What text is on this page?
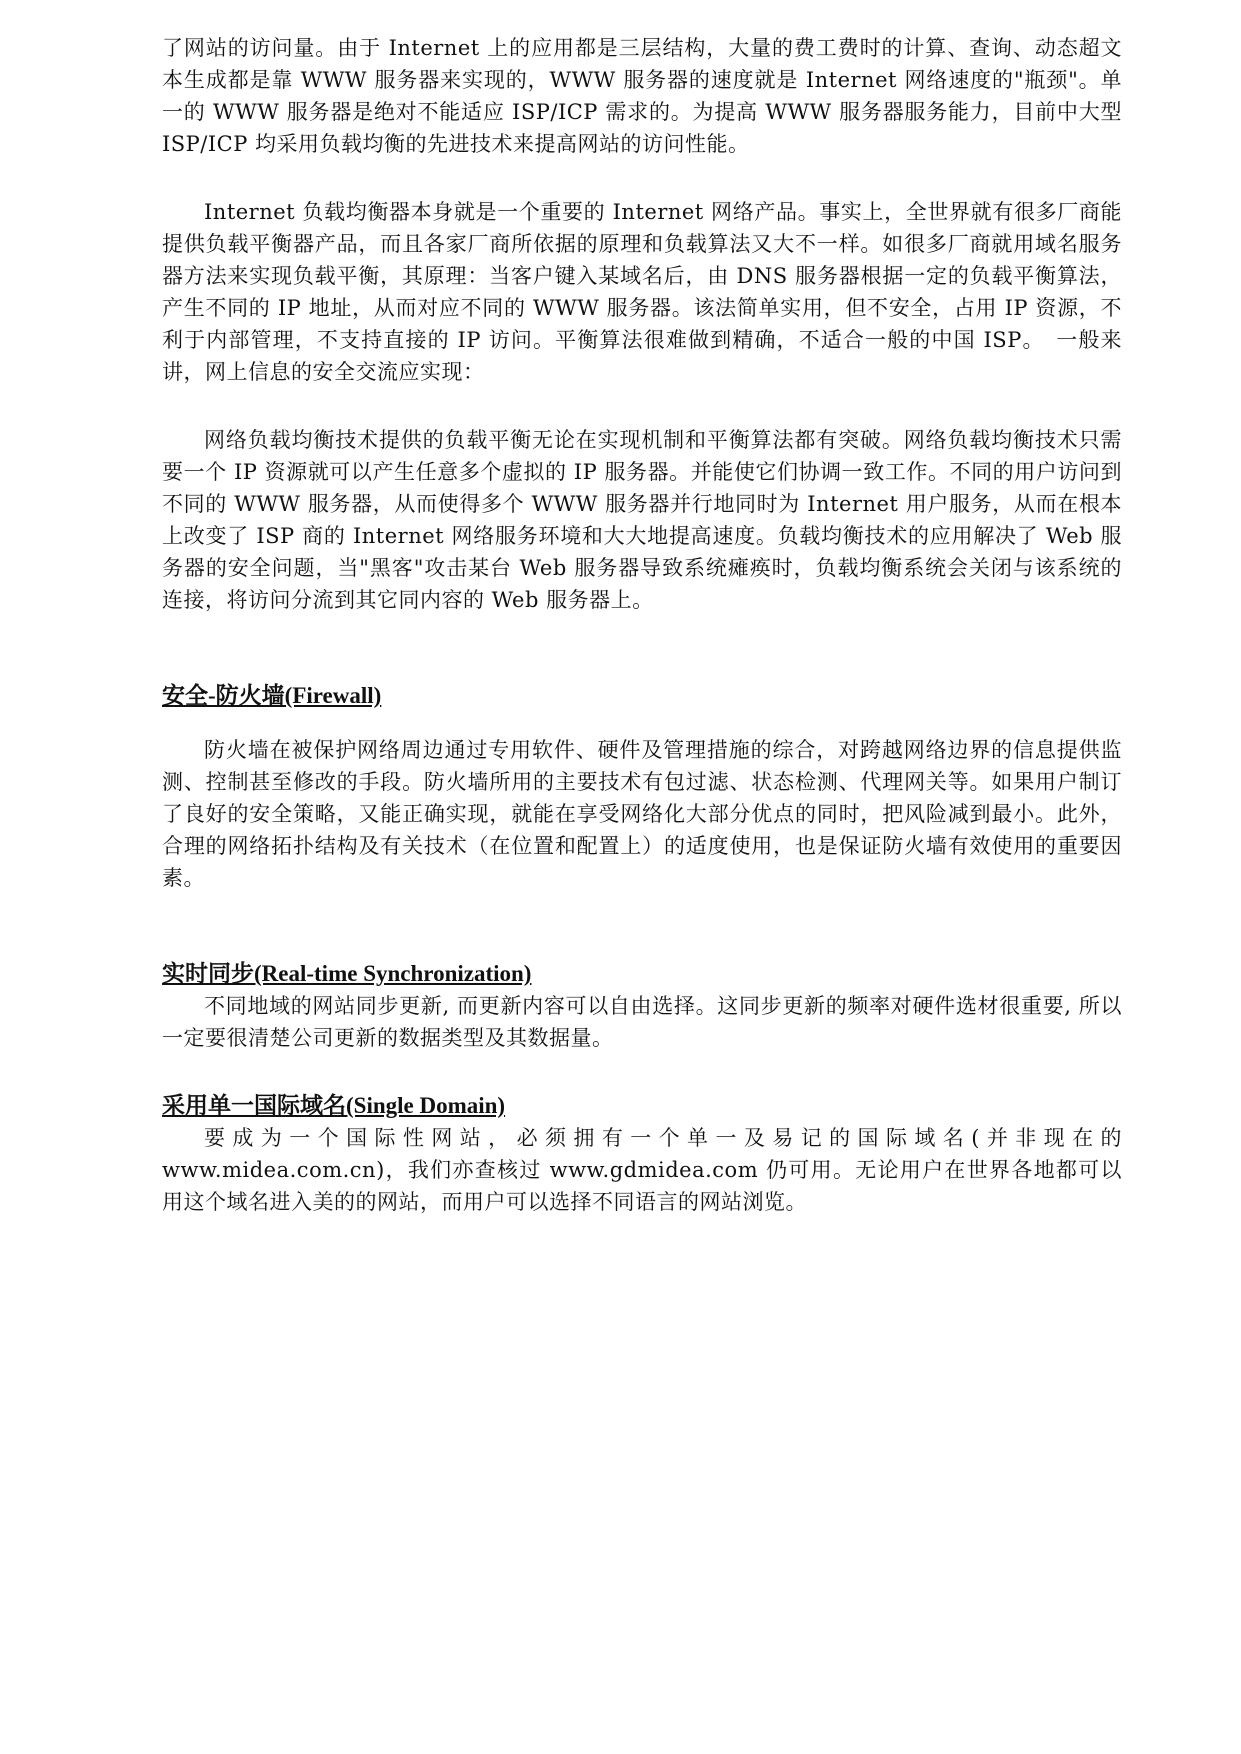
了网站的访问量。由于 Internet 上的应用都是三层结构，大量的费工费时的计算、查询、动态超文本生成都是靠 WWW 服务器来实现的，WWW 服务器的速度就是 Internet 网络速度的"瓶颈"。单一的 WWW 服务器是绝对不能适应 ISP/ICP 需求的。为提高 WWW 服务器服务能力，目前中大型 ISP/ICP 均采用负载均衡的先进技术来提高网站的访问性能。

Internet 负载均衡器本身就是一个重要的 Internet 网络产品。事实上，全世界就有很多厂商能提供负载平衡器产品，而且各家厂商所依据的原理和负载算法又大不一样。如很多厂商就用域名服务器方法来实现负载平衡，其原理：当客户键入某域名后，由 DNS 服务器根据一定的负载平衡算法，产生不同的 IP 地址，从而对应不同的 WWW 服务器。该法简单实用，但不安全，占用 IP 资源，不利于内部管理，不支持直接的 IP 访问。平衡算法很难做到精确，不适合一般的中国 ISP。　一般来讲，网上信息的安全交流应实现：

网络负载均衡技术提供的负载平衡无论在实现机制和平衡算法都有突破。网络负载均衡技术只需要一个 IP 资源就可以产生任意多个虚拟的 IP 服务器。并能使它们协调一致工作。不同的用户访问到不同的 WWW 服务器，从而使得多个 WWW 服务器并行地同时为 Internet 用户服务，从而在根本上改变了 ISP 商的 Internet 网络服务环境和大大地提高速度。负载均衡技术的应用解决了 Web 服务器的安全问题，当"黑客"攻击某台 Web 服务器导致系统瘫痪时，负载均衡系统会关闭与该系统的连接，将访问分流到其它同内容的 Web 服务器上。

安全-防火墙(Firewall)

防火墙在被保护网络周边通过专用软件、硬件及管理措施的综合，对跨越网络边界的信息提供监测、控制甚至修改的手段。防火墙所用的主要技术有包过滤、状态检测、代理网关等。如果用户制订了良好的安全策略，又能正确实现，就能在享受网络化大部分优点的同时，把风险减到最小。此外，合理的网络拓扑结构及有关技术（在位置和配置上）的适度使用，也是保证防火墙有效使用的重要因素。

实时同步(Real-time Synchronization)

不同地域的网站同步更新, 而更新内容可以自由选择。这同步更新的频率对硬件选材很重要, 所以一定要很清楚公司更新的数据类型及其数据量。

采用单一国际域名(Single Domain)

要成为一个国际性网站，必须拥有一个单一及易记的国际域名(并非现在的 www.midea.com.cn)，我们亦查核过 www.gdmidea.com 仍可用。无论用户在世界各地都可以用这个域名进入美的的网站，而用户可以选择不同语言的网站浏览。
